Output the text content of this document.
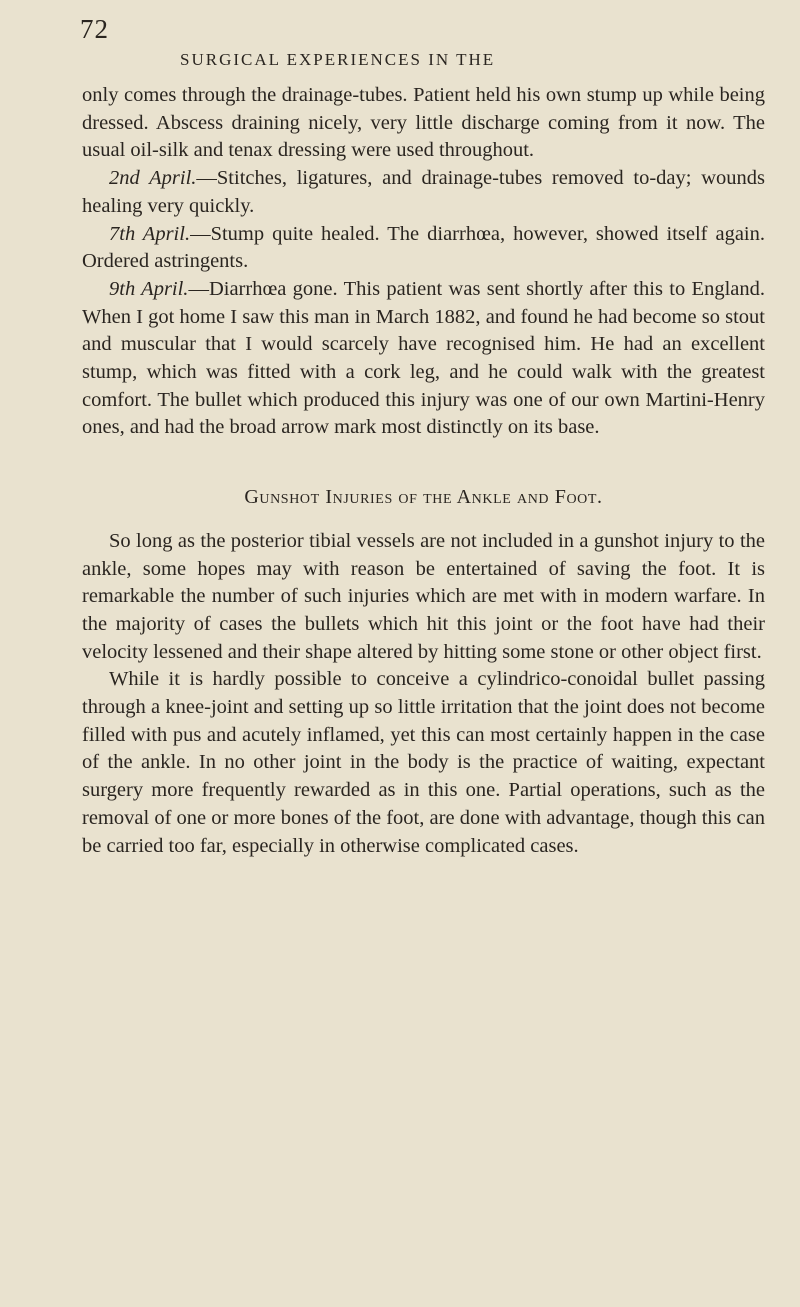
72
SURGICAL EXPERIENCES IN THE

only comes through the drainage-tubes. Patient held his own stump up while being dressed. Abscess draining nicely, very little discharge coming from it now. The usual oil-silk and tenax dressing were used throughout.

2nd April.—Stitches, ligatures, and drainage-tubes removed to-day; wounds healing very quickly.

7th April.—Stump quite healed. The diarrhœa, however, showed itself again. Ordered astringents.

9th April.—Diarrhœa gone. This patient was sent shortly after this to England. When I got home I saw this man in March 1882, and found he had become so stout and muscular that I would scarcely have recognised him. He had an excellent stump, which was fitted with a cork leg, and he could walk with the greatest comfort. The bullet which produced this injury was one of our own Martini-Henry ones, and had the broad arrow mark most distinctly on its base.

Gunshot Injuries of the Ankle and Foot.

So long as the posterior tibial vessels are not included in a gunshot injury to the ankle, some hopes may with reason be entertained of saving the foot. It is remarkable the number of such injuries which are met with in modern warfare. In the majority of cases the bullets which hit this joint or the foot have had their velocity lessened and their shape altered by hitting some stone or other object first.

While it is hardly possible to conceive a cylindrico-conoidal bullet passing through a knee-joint and setting up so little irritation that the joint does not become filled with pus and acutely inflamed, yet this can most certainly happen in the case of the ankle. In no other joint in the body is the practice of waiting, expectant surgery more frequently rewarded as in this one. Partial operations, such as the removal of one or more bones of the foot, are done with advantage, though this can be carried too far, especially in otherwise complicated cases.
